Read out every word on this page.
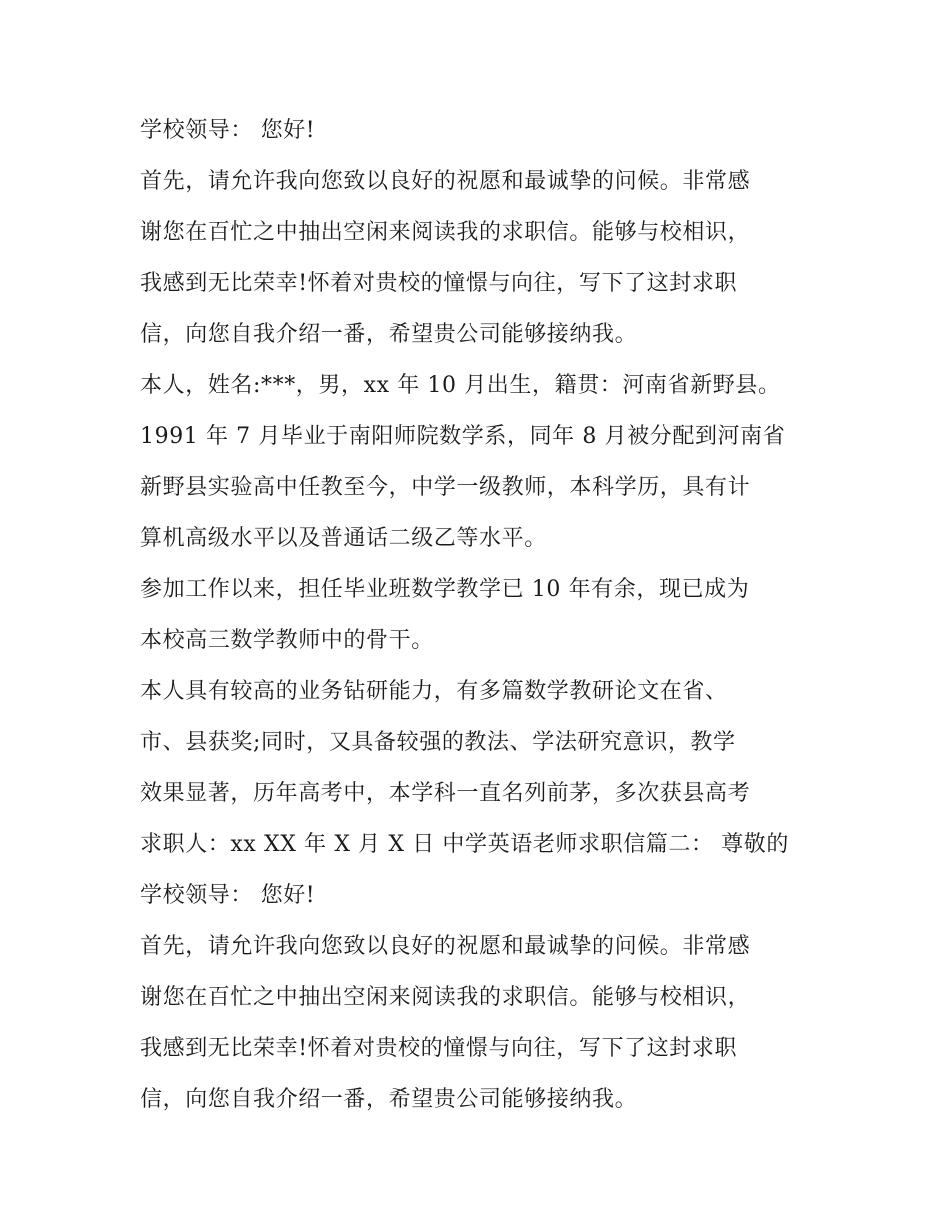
学校领导： 您好!
首先，请允许我向您致以良好的祝愿和最诚挚的问候。非常感
谢您在百忙之中抽出空闲来阅读我的求职信。能够与校相识，
我感到无比荣幸!怀着对贵校的憧憬与向往，写下了这封求职
信，向您自我介绍一番，希望贵公司能够接纳我。
本人，姓名:***，男，xx 年 10 月出生，籍贯：河南省新野县。
1991 年 7 月毕业于南阳师院数学系，同年 8 月被分配到河南省
新野县实验高中任教至今，中学一级教师，本科学历，具有计
算机高级水平以及普通话二级乙等水平。
参加工作以来，担任毕业班数学教学已 10 年有余，现已成为
本校高三数学教师中的骨干。
本人具有较高的业务钻研能力，有多篇数学教研论文在省、
市、县获奖;同时，又具备较强的教法、学法研究意识，教学
效果显著，历年高考中，本学科一直名列前茅，多次获县高考
求职人：xx XX 年 X 月 X 日 中学英语老师求职信篇二： 尊敬的
学校领导： 您好!
首先，请允许我向您致以良好的祝愿和最诚挚的问候。非常感
谢您在百忙之中抽出空闲来阅读我的求职信。能够与校相识，
我感到无比荣幸!怀着对贵校的憧憬与向往，写下了这封求职
信，向您自我介绍一番，希望贵公司能够接纳我。
